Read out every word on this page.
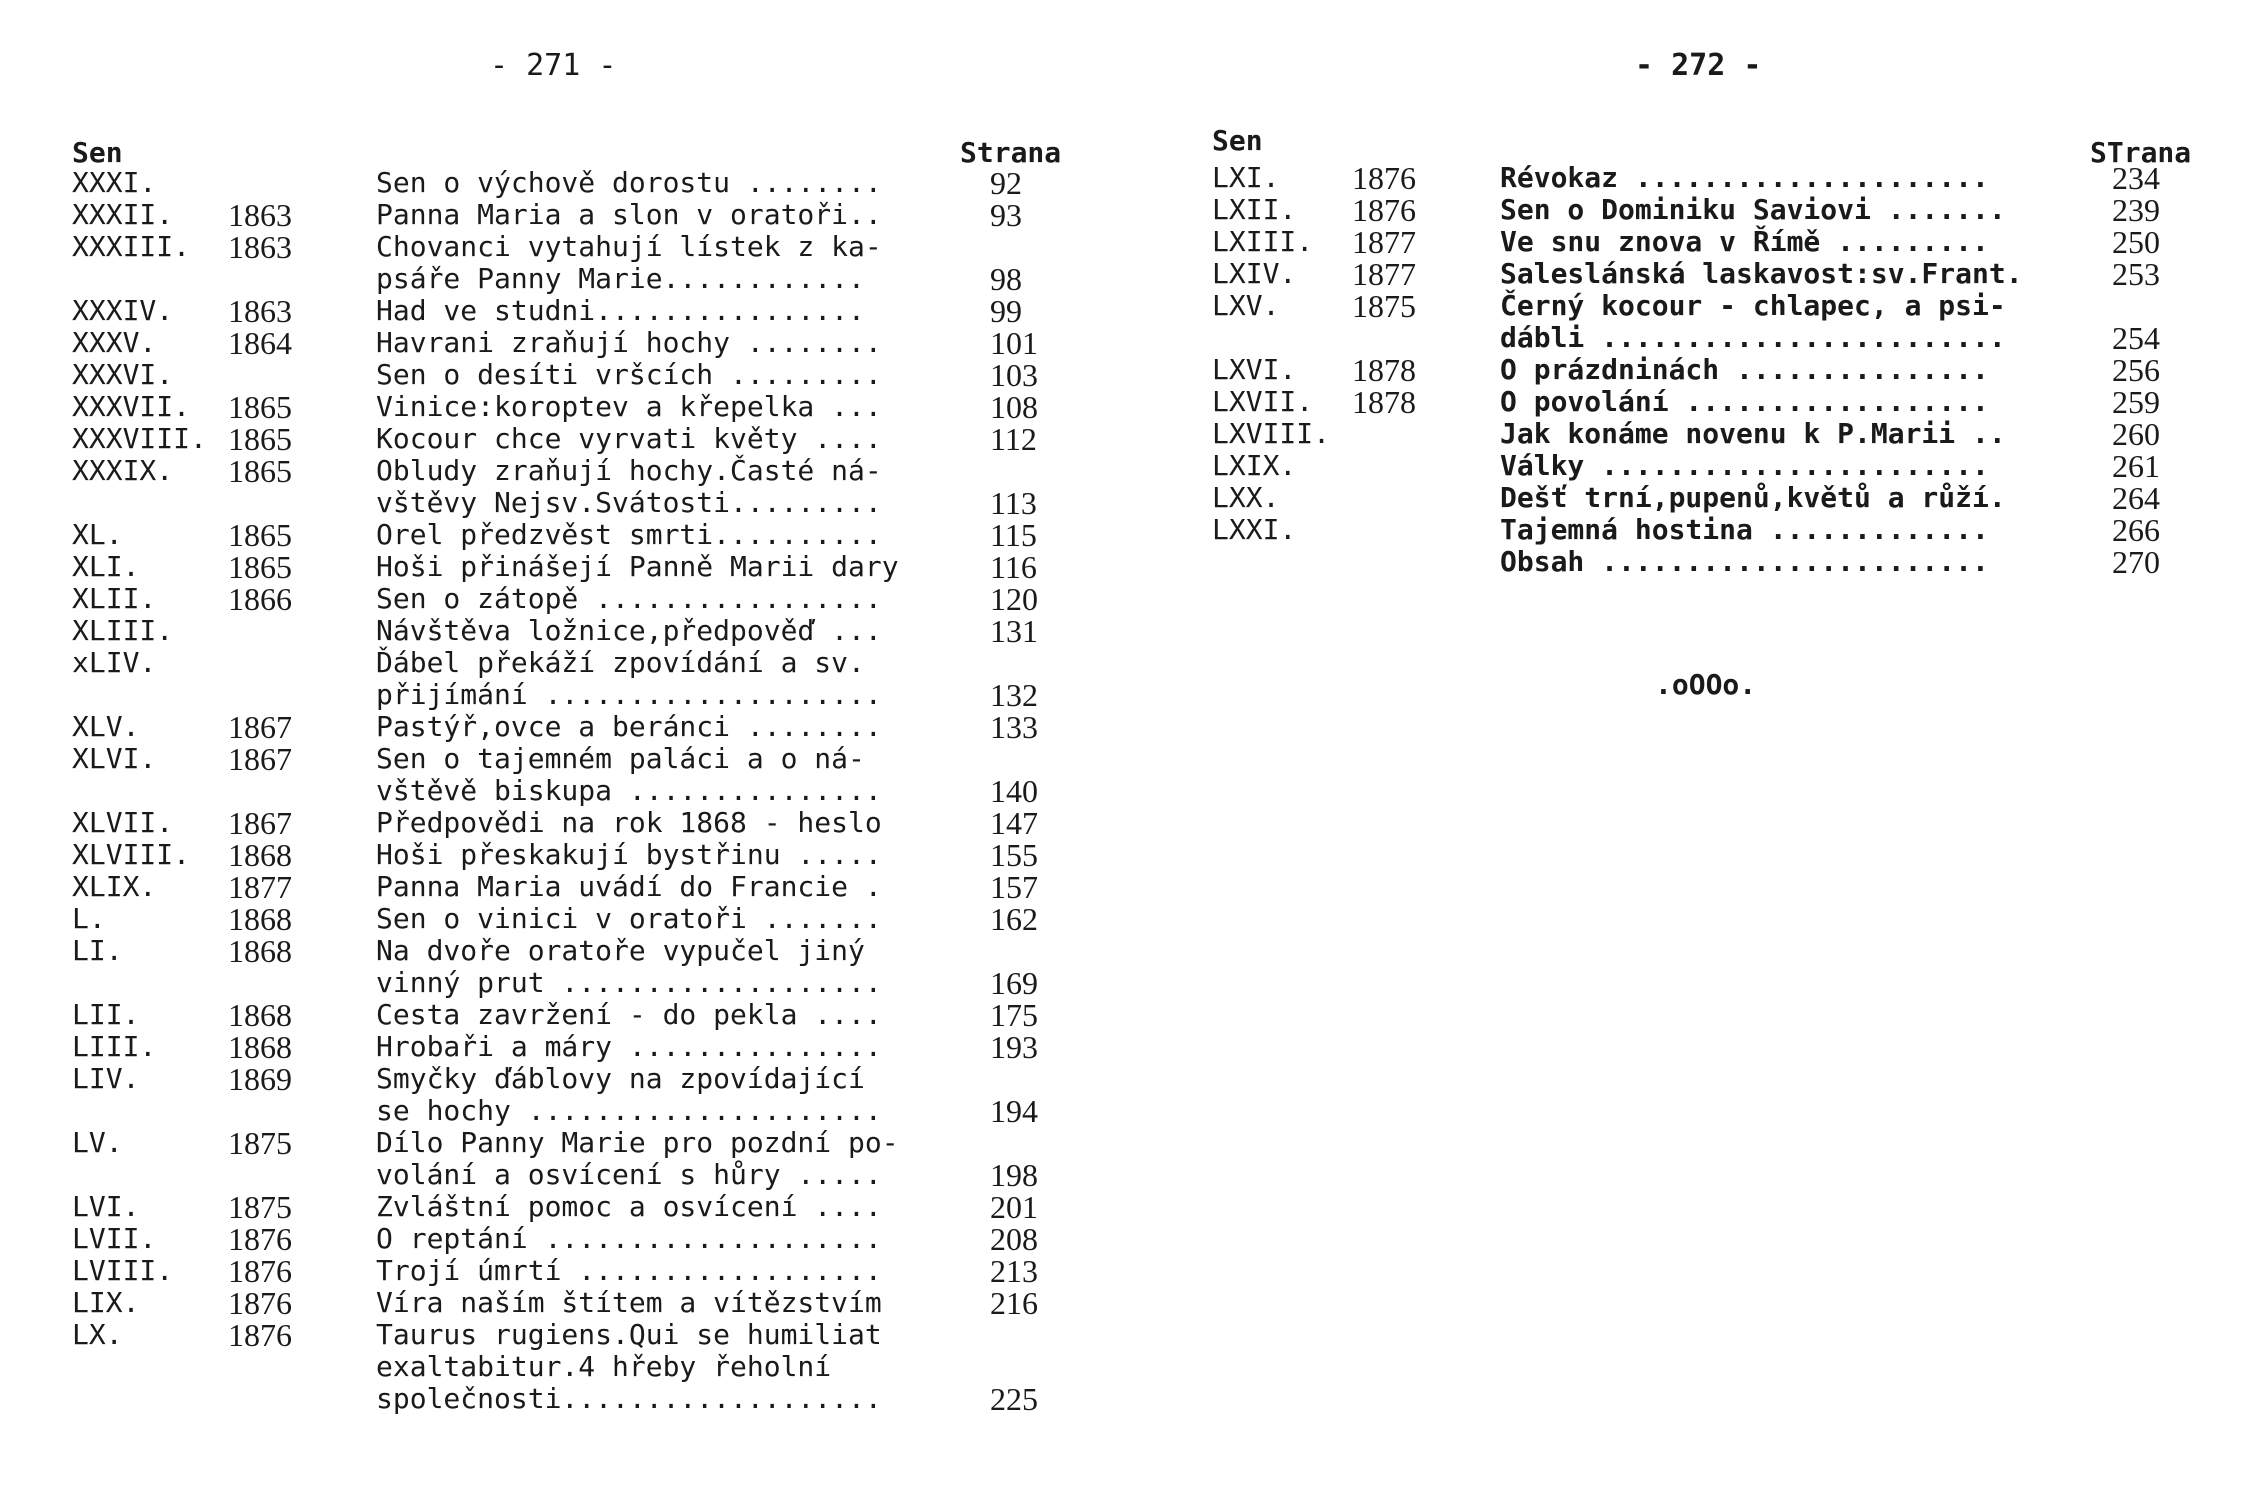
- 271 -
Sen	Strana
XXXI.	Sen o výchově dorostu ........	92
XXXII. 1863	Panna Maria a slon v oratoři..	93
XXXIII. 1863	Chovanci vytahují lístek z ka-
psáře Panny Marie............	98
XXXIV. 1863	Had ve studni................	99
XXXV. 1864	Havrani zraňují hochy ........	101
XXXVI.	Sen o desíti vršcích .........	103
XXXVII. 1865	Vinice:koroptev a křepelka ...	108
XXXVIII. 1865	Kocour chce vyrvati květy ....	112
XXXIX. 1865	Obludy zraňují hochy.Časté ná-
vštěvy Nejsv.Svátosti.........	113
XL.	1865	Orel předzvěst smrti..........	115
XLI.	1865	Hoši přinášejí Panně Marii dary	116
XLII. 1866	Sen o zátopě .................	120
XLIII.	Návštěva ložnice,předpověď ...	131
xLIV.	Ďábel překáží zpovídání a sv.
přijímání ....................	132
XLV.	1867	Pastýř,ovce a beránci ........	133
XLVI. 1867	Sen o tajemném paláci a o ná-
vštěvě biskupa ...............	140
XLVII. 1867	Předpovědi na rok 1868 - heslo	147
XLVIII. 1868	Hoši přeskakují bystřinu .....	155
XLIX. 1877	Panna Maria uvádí do Francie .	157
L.	1868	Sen o vinici v oratoři .......	162
LI.	1868	Na dvoře oratoře vypučel jiný
vinný prut ...................	169
LII.	1868	Cesta zavržení - do pekla ....	175
LIII. 1868	Hrobaři a máry ...............	193
LIV.	1869	Smyčky ďáblovy na zpovídající
se hochy .....................	194
LV.	1875	Dílo Panny Marie pro pozdní po-
volání a osvícení s hůry .....	198
LVI.	1875	Zvláštní pomoc a osvícení ....	201
LVII. 1876	O reptání ....................	208
LVIII. 1876	Trojí úmrtí ..................	213
LIX.	1876	Víra naším štítem a vítězstvím	216
LX.	1876	Taurus rugiens.Qui se humiliat
exaltabitur.4 hřeby řeholní
společnosti...................	225
- 272 -
Sen	STrana
LXI. 1876	Révokaz .....................	234
LXII. 1876	Sen o Dominiku Saviovi .......	239
LXIII. 1877	Ve snu znova v Římě .........	250
LXIV. 1877	Saleslánská laskavost:sv.Frant.	253
LXV. 1875	Černý kocour - chlapec, a psi-
dábli ........................	254
LXVI. 1878	O prázdninách ...............	256
LXVII. 1878	O povolání ..................	259
LXVIII.	Jak konáme novenu k P.Marii ..	260
LXIX.	Války .......................	261
LXX.	Dešť trní,pupenů,květů a růží.	264
LXXI.	Tajemná hostina .............	266
Obsah .......................	270
.oOOo.
